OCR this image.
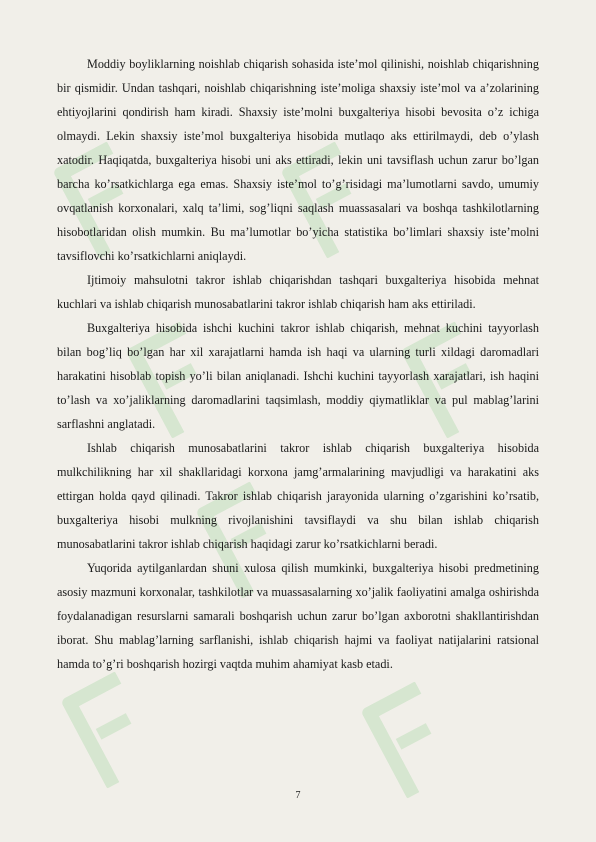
Moddiy boyliklarning noishlab chiqarish sohasida iste’mol qilinishi, noishlab chiqarishning bir qismidir. Undan tashqari, noishlab chiqarishning iste’moliga shaxsiy iste’mol va a’zolarining ehtiyojlarini qondirish ham kiradi. Shaxsiy iste’molni buxgalteriya hisobi bevosita o’z ichiga olmaydi. Lekin shaxsiy iste’mol buxgalteriya hisobida mutlaqo aks ettirilmaydi, deb o’ylash xatodir. Haqiqatda, buxgalteriya hisobi uni aks ettiradi, lekin uni tavsiflash uchun zarur bo’lgan barcha ko’rsatkichlarga ega emas. Shaxsiy iste’mol to’g’risidagi ma’lumotlarni savdo, umumiy ovqatlanish korxonalari, xalq ta’limi, sog’liqni saqlash muassasalari va boshqa tashkilotlarning hisobotlaridan olish mumkin. Bu ma’lumotlar bo’yicha statistika bo’limlari shaxsiy iste’molni tavsiflovchi ko’rsatkichlarni aniqlaydi.

Ijtimoiy mahsulotni takror ishlab chiqarishdan tashqari buxgalteriya hisobida mehnat kuchlari va ishlab chiqarish munosabatlarini takror ishlab chiqarish ham aks ettiriladi.

Buxgalteriya hisobida ishchi kuchini takror ishlab chiqarish, mehnat kuchini tayyorlash bilan bog’liq bo’lgan har xil xarajatlarni hamda ish haqi va ularning turli xildagi daromadlari harakatini hisoblab topish yo’li bilan aniqlanadi. Ishchi kuchini tayyorlash xarajatlari, ish haqini to’lash va xo’jaliklarning daromadlarini taqsimlash, moddiy qiymatliklar va pul mablag’larini sarflashni anglatadi.

Ishlab chiqarish munosabatlarini takror ishlab chiqarish buxgalteriya hisobida mulkchilikning har xil shakllaridagi korxona jamg’armalarining mavjudligi va harakatini aks ettirgan holda qayd qilinadi. Takror ishlab chiqarish jarayonida ularning o’zgarishini ko’rsatib, buxgalteriya hisobi mulkning rivojlanishini tavsiflaydi va shu bilan ishlab chiqarish munosabatlarini takror ishlab chiqarish haqidagi zarur ko’rsatkichlarni beradi.

Yuqorida aytilganlardan shuni xulosa qilish mumkinki, buxgalteriya hisobi predmetining asosiy mazmuni korxonalar, tashkilotlar va muassasalarning xo’jalik faoliyatini amalga oshirishda foydalanadigan resurslarni samarali boshqarish uchun zarur bo’lgan axborotni shakllantirishdan iborat. Shu mablag’larning sarflanishi, ishlab chiqarish hajmi va faoliyat natijalarini ratsional hamda to’g’ri boshqarish hozirgi vaqtda muhim ahamiyat kasb etadi.

7
